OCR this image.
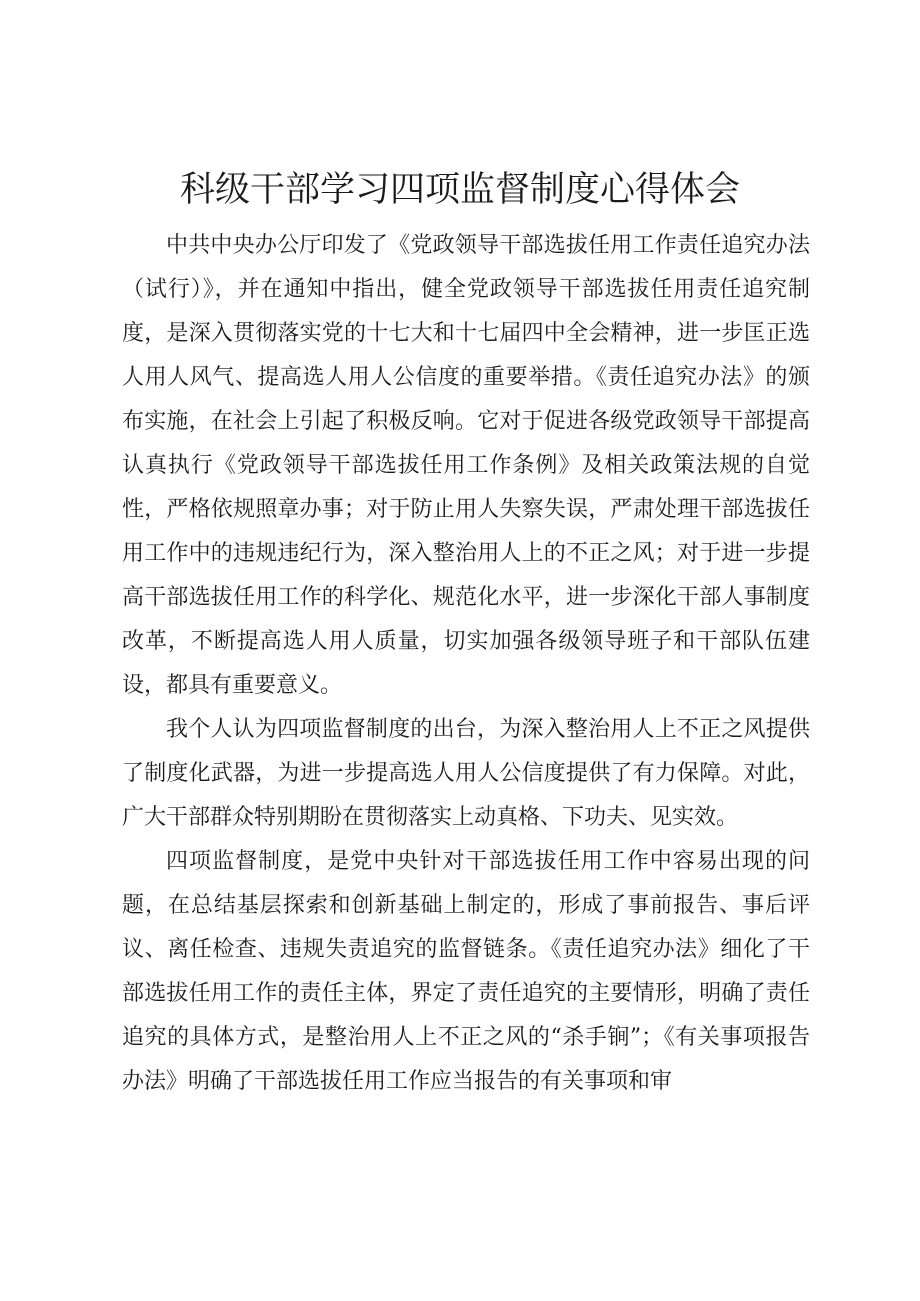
科级干部学习四项监督制度心得体会

中共中央办公厅印发了《党政领导干部选拔任用工作责任追究办法（试行）》，并在通知中指出，健全党政领导干部选拔任用责任追究制度，是深入贯彻落实党的十七大和十七届四中全会精神，进一步匡正选人用人风气、提高选人用人公信度的重要举措。《责任追究办法》的颁布实施，在社会上引起了积极反响。它对于促进各级党政领导干部提高认真执行《党政领导干部选拔任用工作条例》及相关政策法规的自觉性，严格依规照章办事；对于防止用人失察失误，严肃处理干部选拔任用工作中的违规违纪行为，深入整治用人上的不正之风；对于进一步提高干部选拔任用工作的科学化、规范化水平，进一步深化干部人事制度改革，不断提高选人用人质量，切实加强各级领导班子和干部队伍建设，都具有重要意义。

我个人认为四项监督制度的出台，为深入整治用人上不正之风提供了制度化武器，为进一步提高选人用人公信度提供了有力保障。对此，广大干部群众特别期盼在贯彻落实上动真格、下功夫、见实效。

四项监督制度，是党中央针对干部选拔任用工作中容易出现的问题，在总结基层探索和创新基础上制定的，形成了事前报告、事后评议、离任检查、违规失责追究的监督链条。《责任追究办法》细化了干部选拔任用工作的责任主体，界定了责任追究的主要情形，明确了责任追究的具体方式，是整治用人上不正之风的“杀手锏”；《有关事项报告办法》明确了干部选拔任用工作应当报告的有关事项和审
